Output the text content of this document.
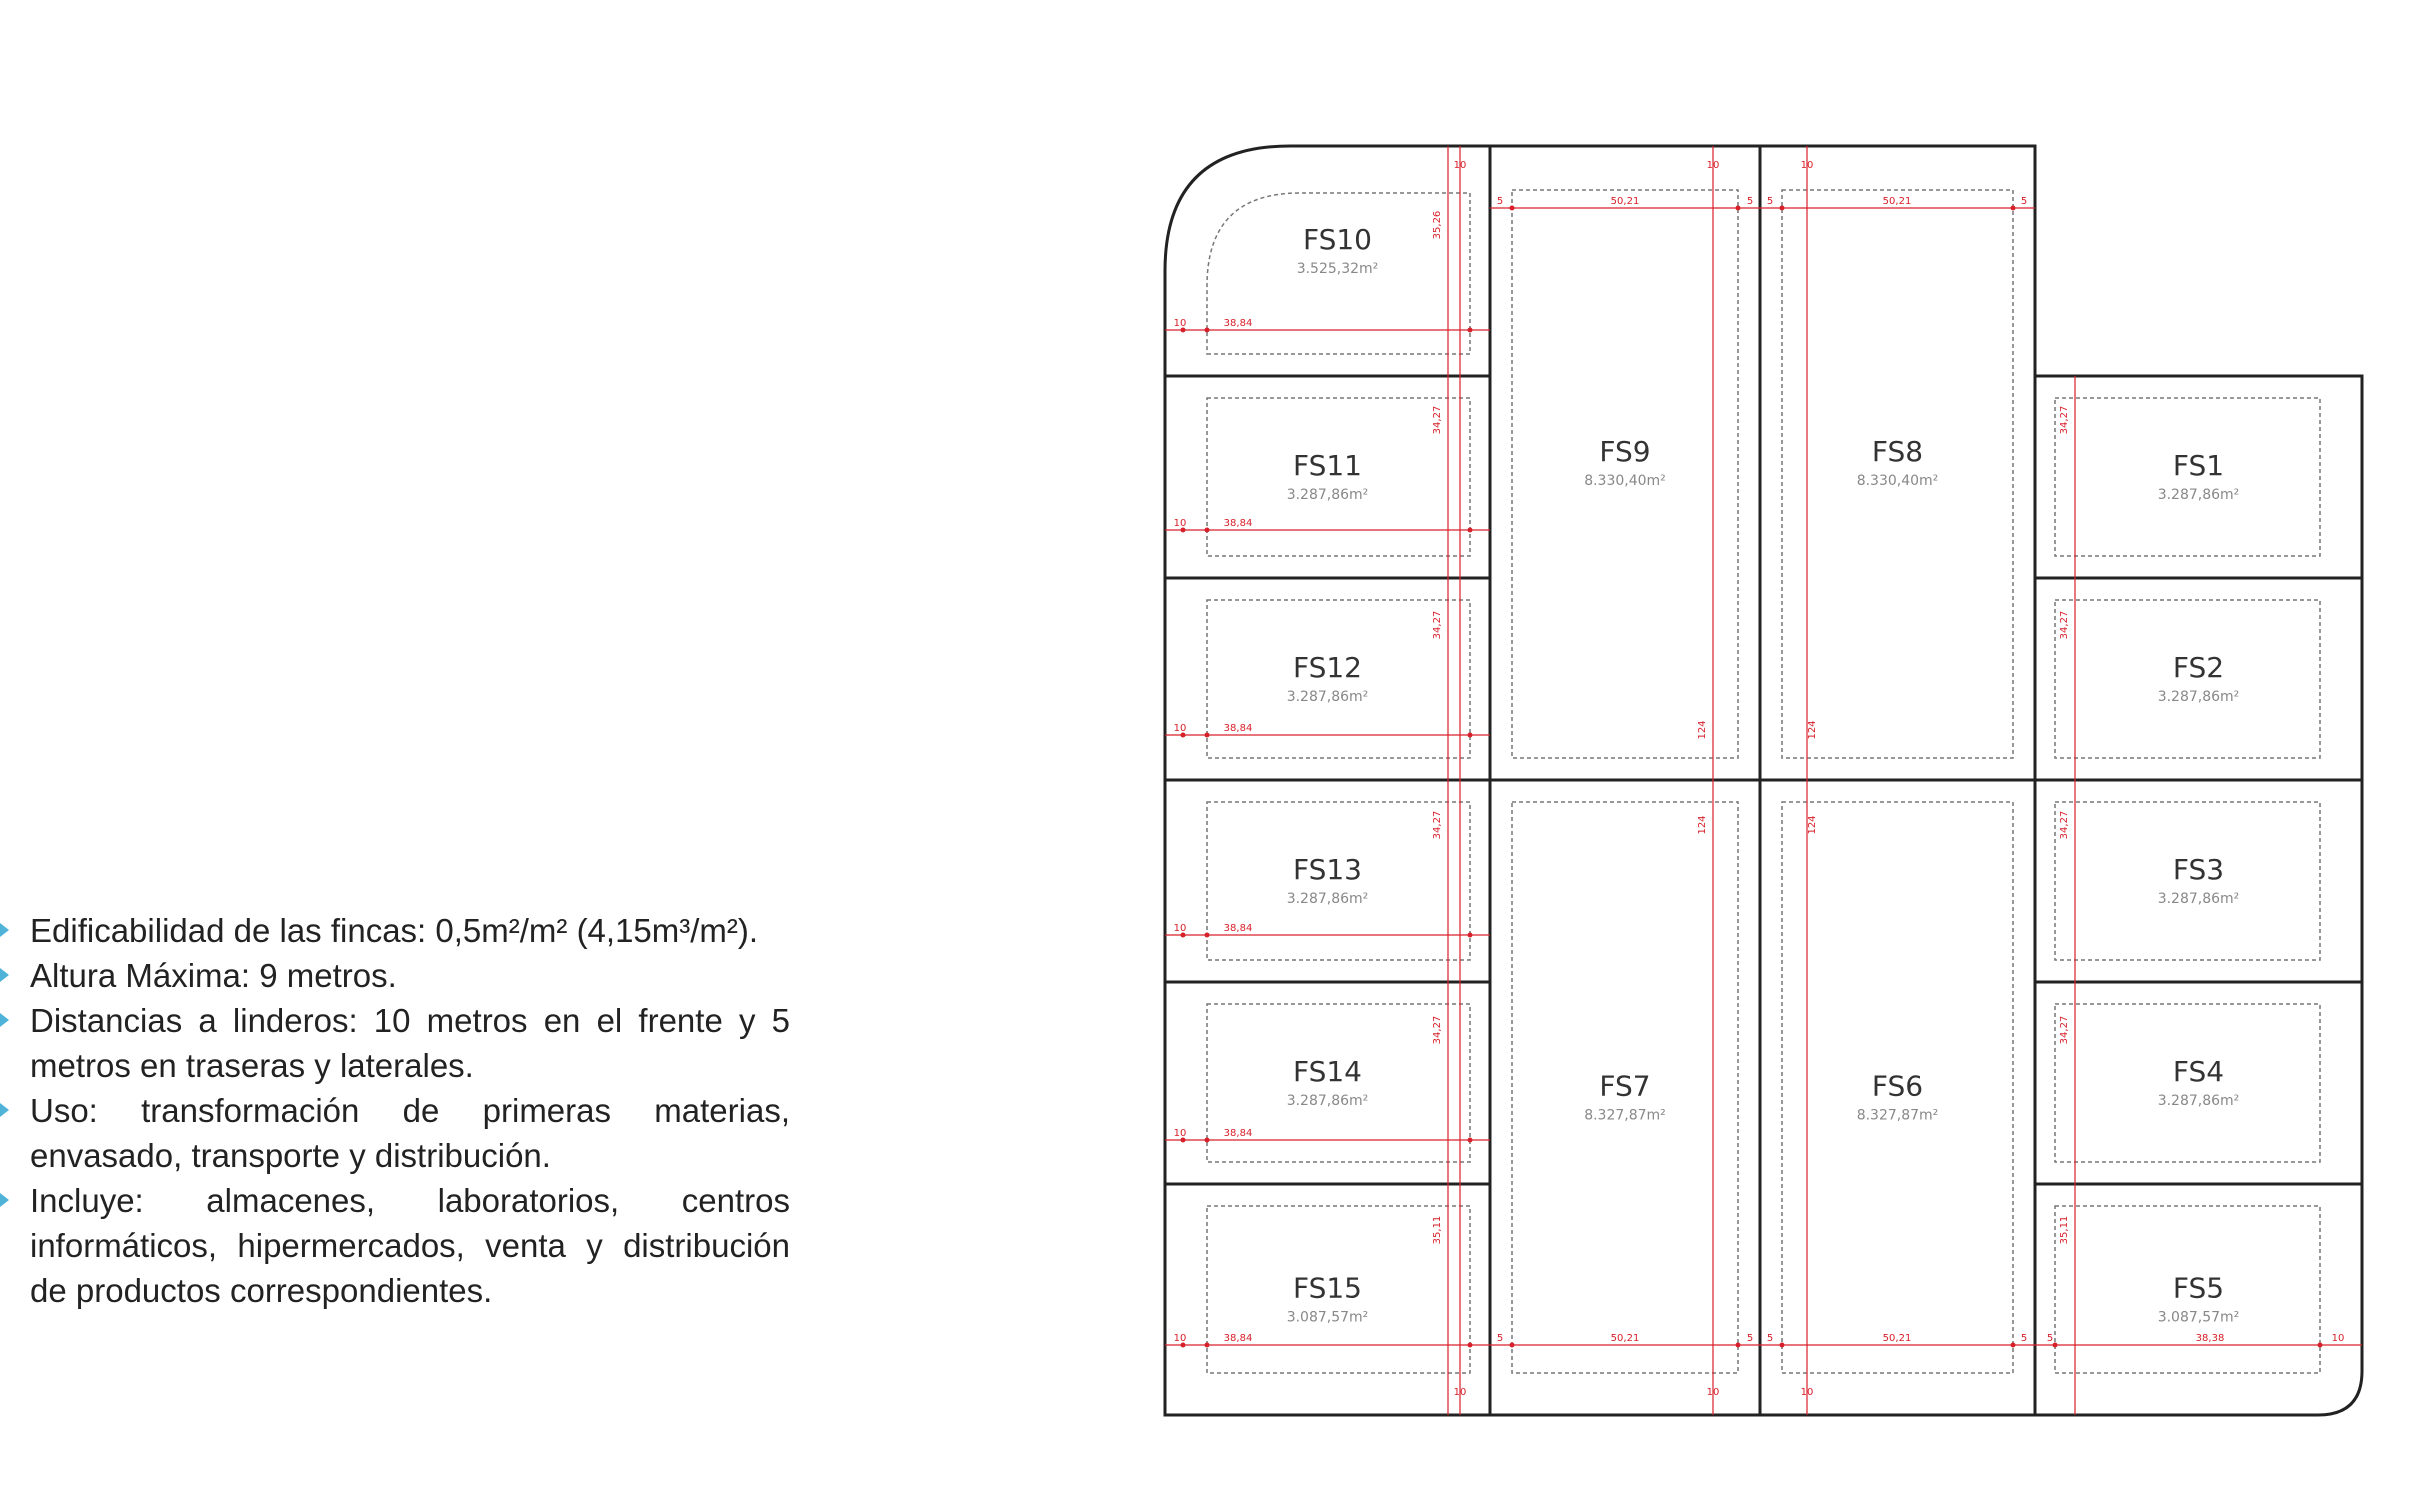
Edificabilidad de las fincas: 0,5m²/m² (4,15m³/m²).
Altura Máxima: 9 metros.
Distancias a linderos: 10 metros en el frente y 5 metros en traseras y laterales.
Uso: transformación de primeras materias, envasado, transporte y distribución.
Incluye: almacenes, laboratorios, centros informáticos, hipermercados, venta y distribución de productos correspondientes.
FS10
3.525,32m²
FS11
3.287,86m²
FS12
3.287,86m²
FS13
3.287,86m²
FS14
3.287,86m²
FS15
3.087,57m²
FS9
8.330,40m²
FS8
8.330,40m²
FS7
8.327,87m²
FS6
8.327,87m²
FS1
3.287,86m²
FS2
3.287,86m²
FS3
3.287,86m²
FS4
3.287,86m²
FS5
3.087,57m²
10	38,84
10	38,84
10	38,84
10	38,84
10	38,84
10	38,84	5	38,38	10
50,21	50,21
5	5 5	5
50,21	50,21
5	5 5	5
35,26
34,27
34,27
34,27
34,27
35,11
34,27
34,27
34,27
34,27
35,11
124
124
124
124
10
10
10
10
10
10
